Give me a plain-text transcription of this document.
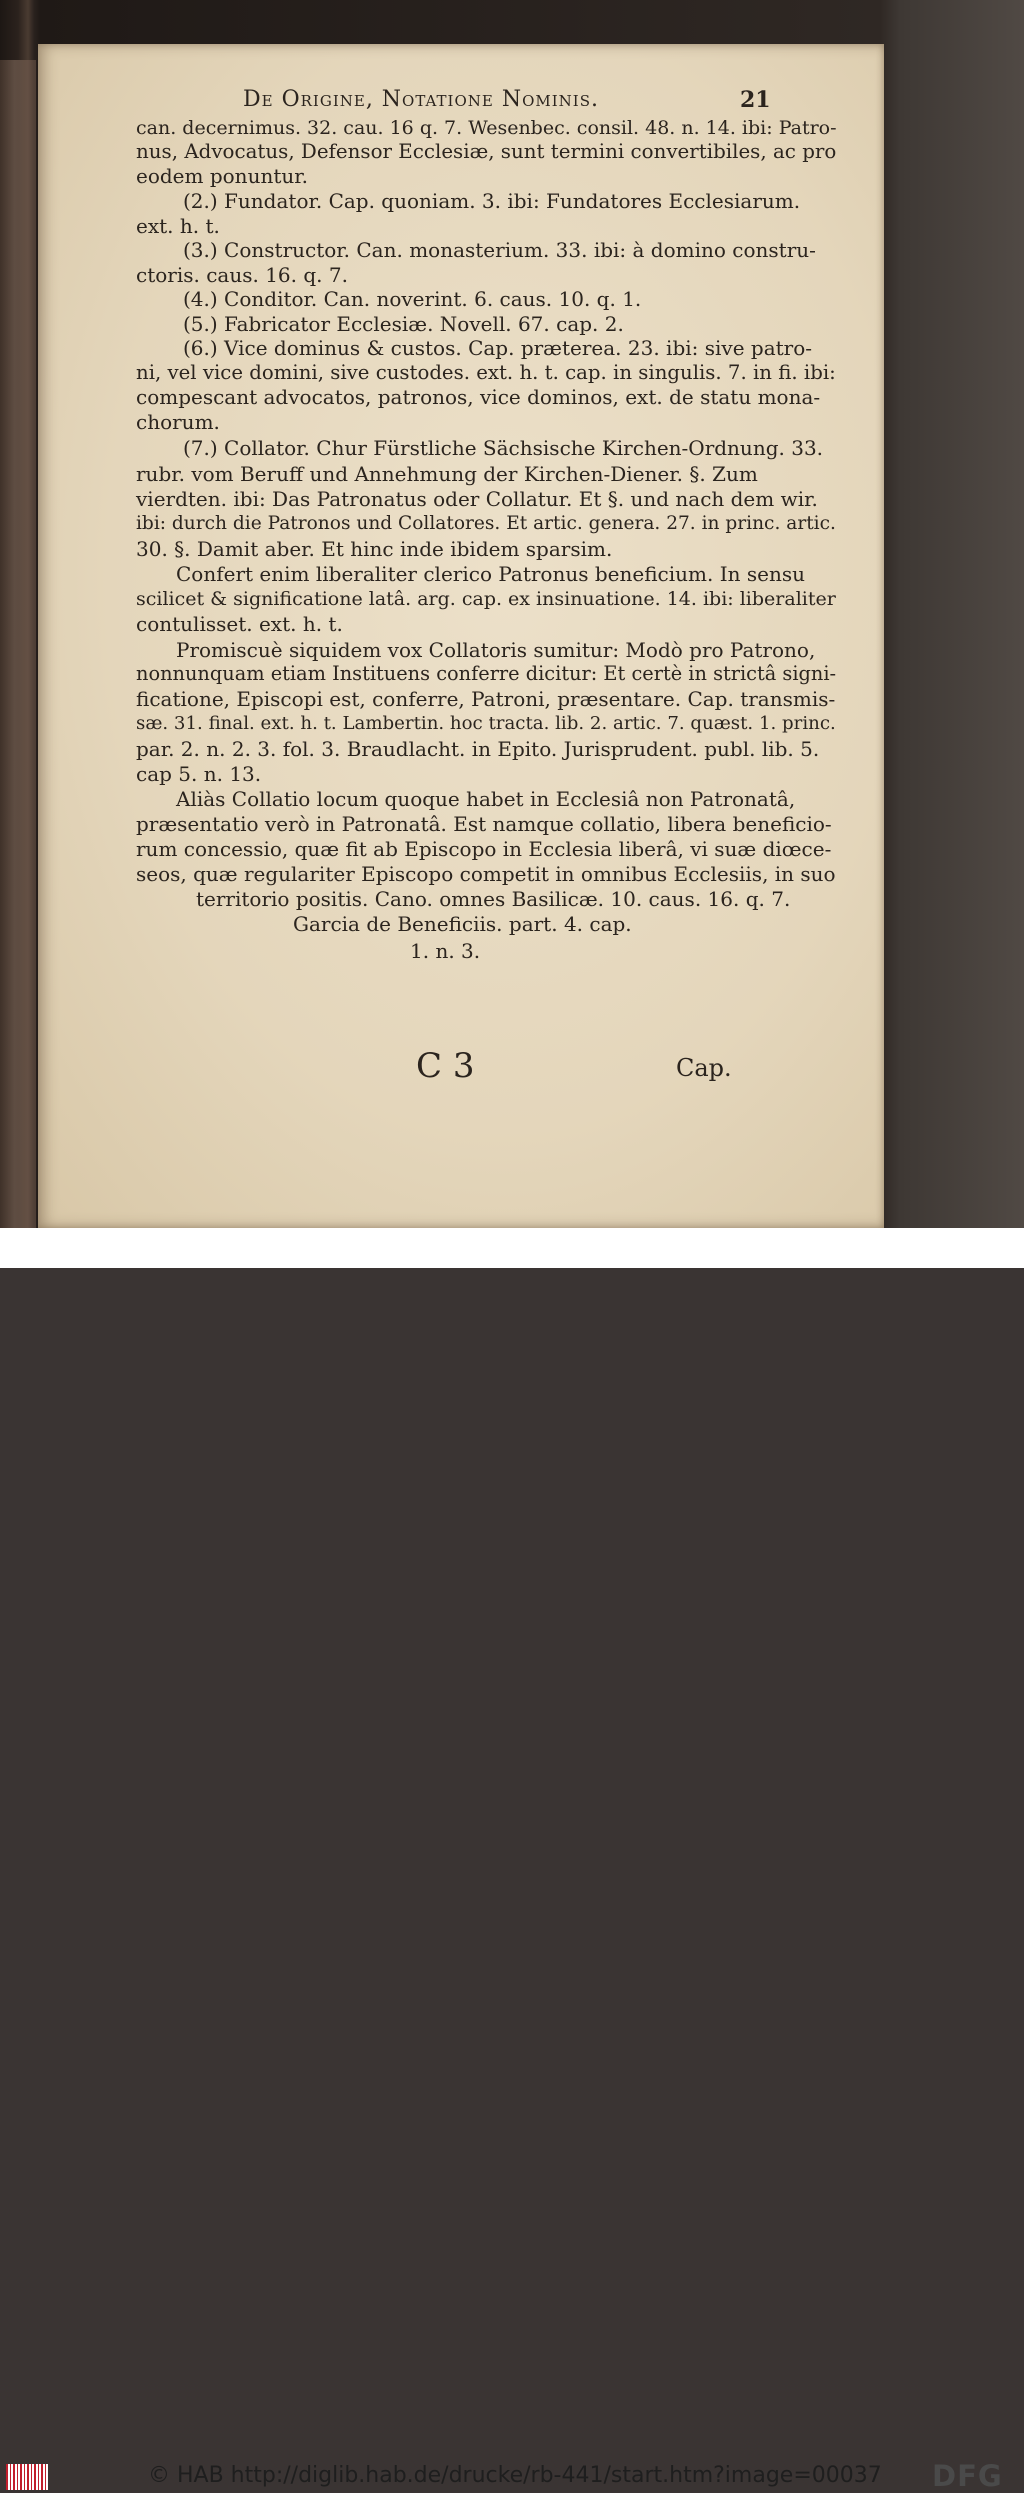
De Origine, Notatione Nominis.	21
can. decernimus. 32. cau. 16 q. 7. Wesenbec. consil. 48. n. 14. ibi: Patro-
nus, Advocatus, Defensor Ecclesiæ, sunt termini convertibiles, ac pro
eodem ponuntur.
(2.) Fundator. Cap. quoniam. 3. ibi: Fundatores Ecclesiarum.
ext. h. t.
(3.) Constructor. Can. monasterium. 33. ibi: à domino constru-
ctoris. caus. 16. q. 7.
(4.) Conditor. Can. noverint. 6. caus. 10. q. 1.
(5.) Fabricator Ecclesiæ. Novell. 67. cap. 2.
(6.) Vice dominus & custos. Cap. præterea. 23. ibi: sive patro-
ni, vel vice domini, sive custodes. ext. h. t. cap. in singulis. 7. in fi. ibi:
compescant advocatos, patronos, vice dominos, ext. de statu mona-
chorum.
(7.) Collator. Chur Fürstliche Sächsische Kirchen-Ordnung. 33.
rubr. vom Beruff und Annehmung der Kirchen-Diener. §. Zum
vierdten. ibi: Das Patronatus oder Collatur. Et §. und nach dem wir.
ibi: durch die Patronos und Collatores. Et artic. genera. 27. in princ. artic.
30. §. Damit aber. Et hinc inde ibidem sparsim.
Confert enim liberaliter clerico Patronus beneficium. In sensu
scilicet & significatione latâ. arg. cap. ex insinuatione. 14. ibi: liberaliter
contulisset. ext. h. t.
Promiscuè siquidem vox Collatoris sumitur: Modò pro Patrono,
nonnunquam etiam Instituens conferre dicitur: Et certè in strictâ signi-
ficatione, Episcopi est, conferre, Patroni, præsentare. Cap. transmis-
sæ. 31. final. ext. h. t. Lambertin. hoc tracta. lib. 2. artic. 7. quæst. 1. princ.
par. 2. n. 2. 3. fol. 3. Braudlacht. in Epito. Jurisprudent. publ. lib. 5.
cap 5. n. 13.
Aliàs Collatio locum quoque habet in Ecclesiâ non Patronatâ,
præsentatio verò in Patronatâ. Est namque collatio, libera beneficio-
rum concessio, quæ fit ab Episcopo in Ecclesia liberâ, vi suæ diœce-
seos, quæ regulariter Episcopo competit in omnibus Ecclesiis, in suo
territorio positis. Cano. omnes Basilicæ. 10. caus. 16. q. 7.
Garcia de Beneficiis. part. 4. cap.
1. n. 3.
C 3	Cap.
© HAB http://diglib.hab.de/drucke/rb-441/start.htm?image=00037 DFG
